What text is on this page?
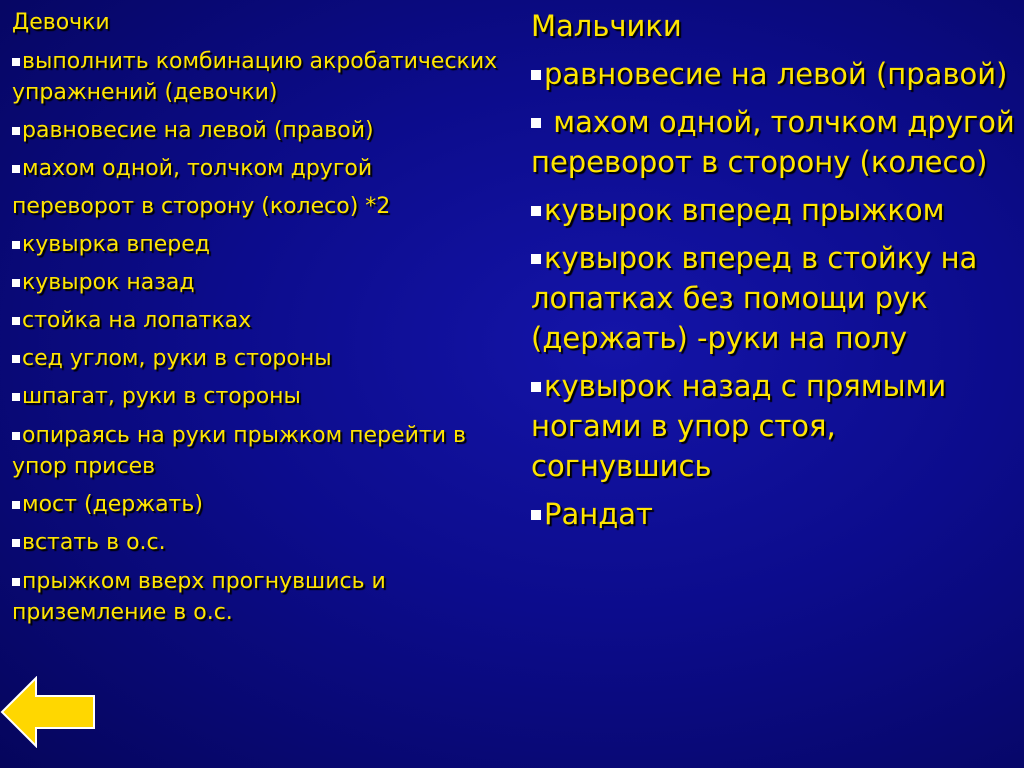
Девочки
выполнить комбинацию акробатических упражнений (девочки)
равновесие на левой (правой)
махом одной, толчком другой
переворот в сторону (колесо) *2
кувырка вперед
кувырок назад
стойка на лопатках
сед углом, руки в стороны
шпагат, руки в стороны
опираясь на руки прыжком перейти в упор присев
мост (держать)
встать в о.с.
прыжком вверх прогнувшись и приземление в о.с.
Мальчики
равновесие на левой (правой)
махом одной, толчком другой переворот в сторону (колесо)
кувырок вперед прыжком
кувырок вперед в стойку на лопатках без помощи рук (держать) -руки на полу
кувырок назад с прямыми ногами в упор стоя, согнувшись
Рандат
